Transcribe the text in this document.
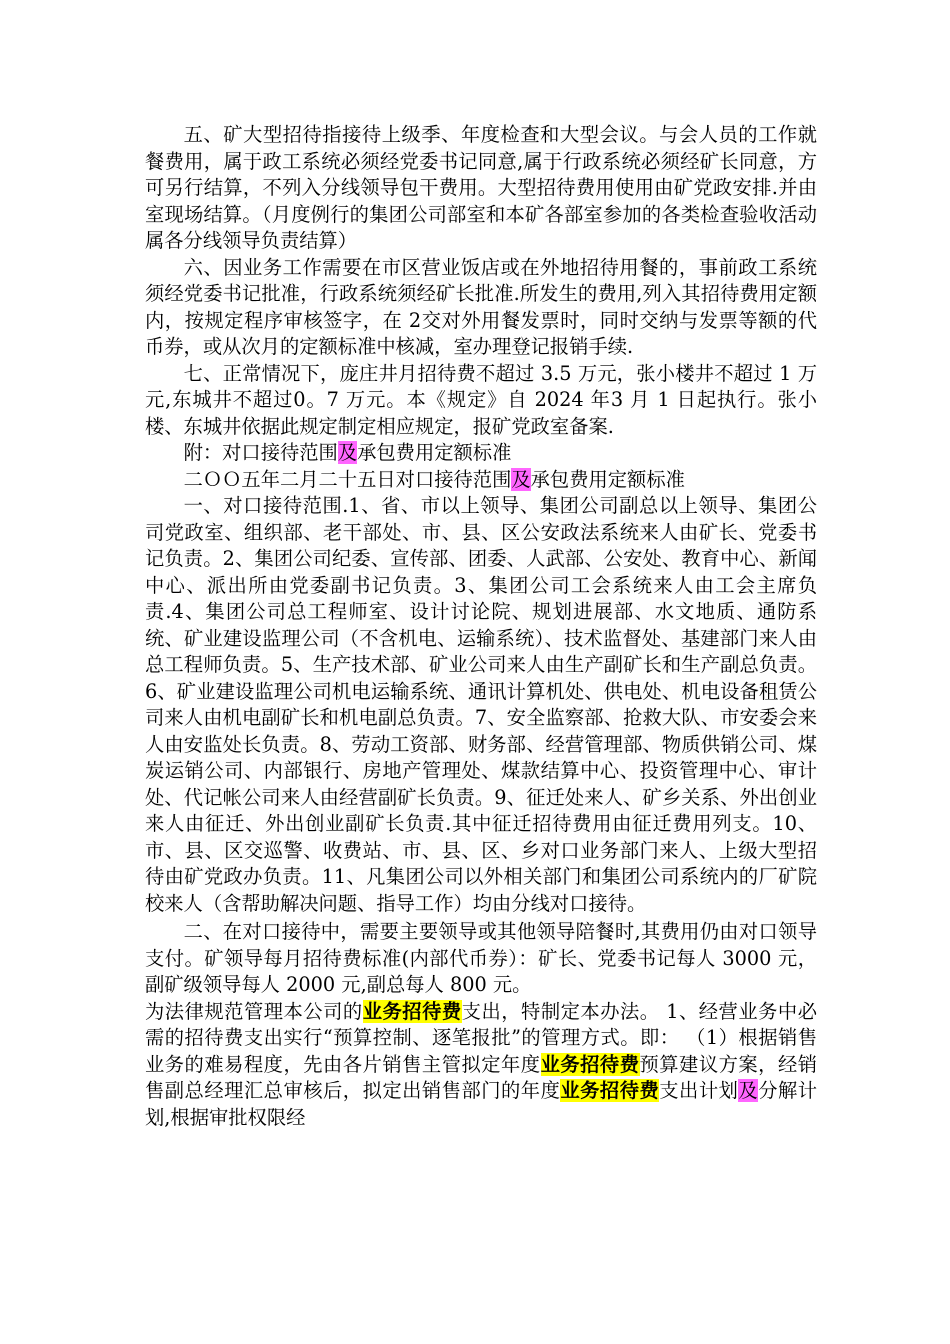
五、矿大型招待指接待上级季、年度检查和大型会议。与会人员的工作就餐费用，属于政工系统必须经党委书记同意,属于行政系统必须经矿长同意，方可另行结算，不列入分线领导包干费用。大型招待费用使用由矿党政安排.并由室现场结算。（月度例行的集团公司部室和本矿各部室参加的各类检查验收活动属各分线领导负责结算）

六、因业务工作需要在市区营业饭店或在外地招待用餐的，事前政工系统须经党委书记批准，行政系统须经矿长批准.所发生的费用,列入其招待费用定额内，按规定程序审核签字，在 2交对外用餐发票时，同时交纳与发票等额的代币券，或从次月的定额标准中核减，室办理登记报销手续.

七、正常情况下，庞庄井月招待费不超过 3.5 万元，张小楼井不超过 1 万元,东城井不超过0。7 万元。本《规定》自 2024 年3 月 1 日起执行。张小楼、东城井依据此规定制定相应规定，报矿党政室备案.

附：对口接待范围及承包费用定额标准

二ＯＯ五年二月二十五日对口接待范围及承包费用定额标准

一、对口接待范围.1、省、市以上领导、集团公司副总以上领导、集团公司党政室、组织部、老干部处、市、县、区公安政法系统来人由矿长、党委书记负责。2、集团公司纪委、宣传部、团委、人武部、公安处、教育中心、新闻中心、派出所由党委副书记负责。3、集团公司工会系统来人由工会主席负责.4、集团公司总工程师室、设计讨论院、规划进展部、水文地质、通防系统、矿业建设监理公司（不含机电、运输系统）、技术监督处、基建部门来人由总工程师负责。5、生产技术部、矿业公司来人由生产副矿长和生产副总负责。6、矿业建设监理公司机电运输系统、通讯计算机处、供电处、机电设备租赁公司来人由机电副矿长和机电副总负责。7、安全监察部、抢救大队、市安委会来人由安监处长负责。8、劳动工资部、财务部、经营管理部、物质供销公司、煤炭运销公司、内部银行、房地产管理处、煤款结算中心、投资管理中心、审计处、代记帐公司来人由经营副矿长负责。9、征迁处来人、矿乡关系、外出创业来人由征迁、外出创业副矿长负责.其中征迁招待费用由征迁费用列支。10、市、县、区交巡警、收费站、市、县、区、乡对口业务部门来人、上级大型招待由矿党政办负责。11、凡集团公司以外相关部门和集团公司系统内的厂矿院校来人（含帮助解决问题、指导工作）均由分线对口接待。

二、在对口接待中，需要主要领导或其他领导陪餐时,其费用仍由对口领导支付。矿领导每月招待费标准(内部代币券）：矿长、党委书记每人 3000 元，副矿级领导每人 2000 元,副总每人 800 元。

为法律规范管理本公司的业务招待费支出，特制定本办法。 1、经营业务中必需的招待费支出实行“预算控制、逐笔报批”的管理方式。即： （1）根据销售业务的难易程度，先由各片销售主管拟定年度业务招待费预算建议方案，经销售副总经理汇总审核后，拟定出销售部门的年度业务招待费支出计划及分解计划,根据审批权限经
